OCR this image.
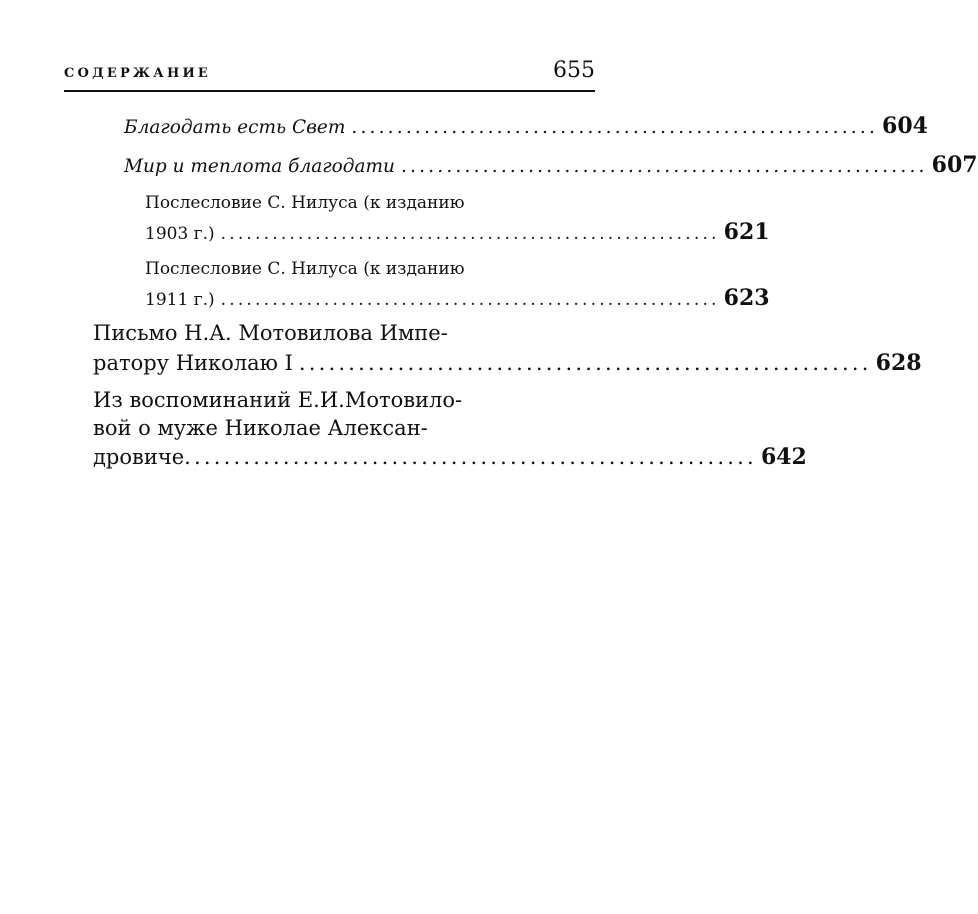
СОДЕРЖАНИЕ	655
Благодать есть Свет .......................................................... 604
Мир и теплота благодати .......................................................... 607
Послесловие С. Нилуса (к изданию
1903 г.) .......................................................... 621
Послесловие С. Нилуса (к изданию
1911 г.) .......................................................... 623
Письмо Н.А. Мотовилова Импе-
ратору Николаю I .......................................................... 628
Из воспоминаний Е.И.Мотовило-
вой о муже Николае Алексан-
дровиче .......................................................... 642
